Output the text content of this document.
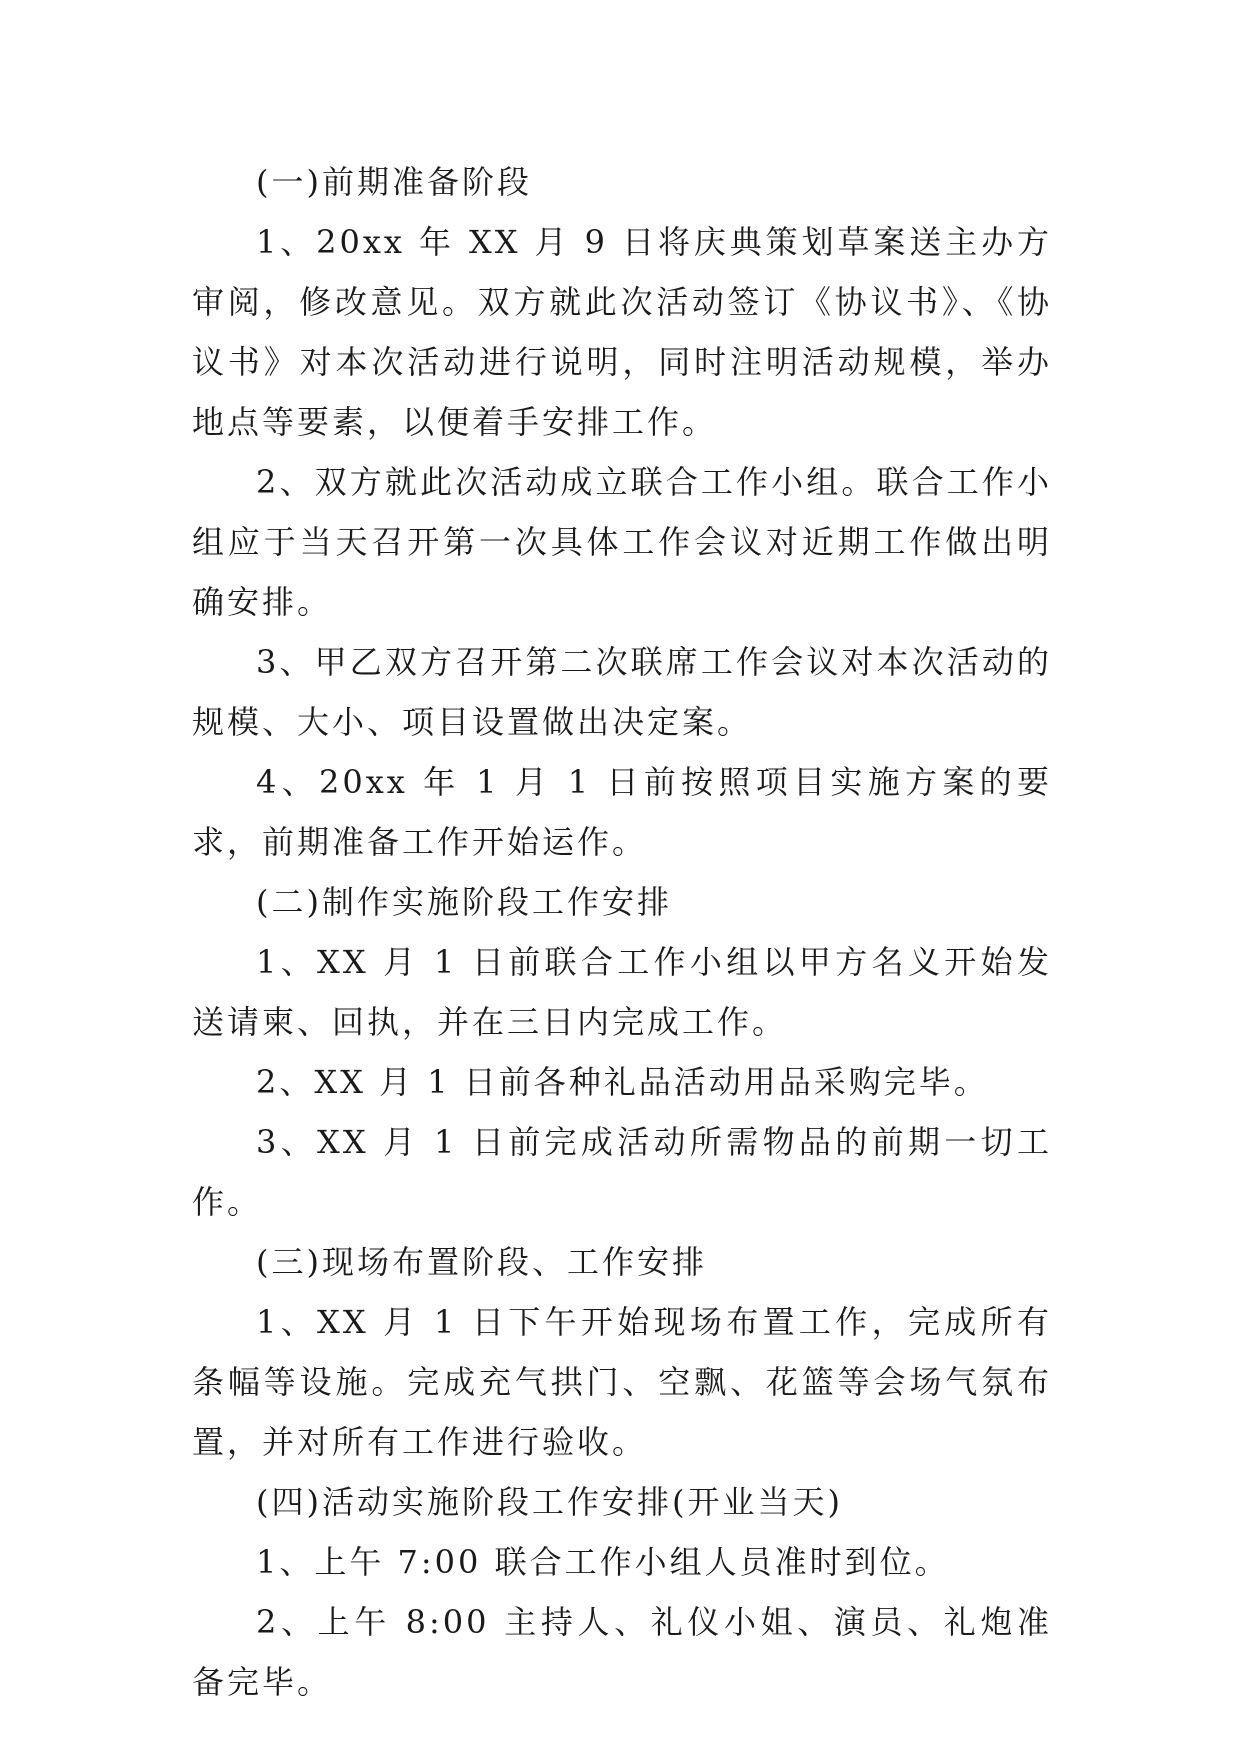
(一)前期准备阶段

1、20xx 年 XX 月 9 日将庆典策划草案送主办方审阅，修改意见。双方就此次活动签订《协议书》、《协议书》对本次活动进行说明，同时注明活动规模，举办地点等要素，以便着手安排工作。

2、双方就此次活动成立联合工作小组。联合工作小组应于当天召开第一次具体工作会议对近期工作做出明确安排。

3、甲乙双方召开第二次联席工作会议对本次活动的规模、大小、项目设置做出决定案。

4、20xx 年 1 月 1 日前按照项目实施方案的要求，前期准备工作开始运作。

(二)制作实施阶段工作安排

1、XX 月 1 日前联合工作小组以甲方名义开始发送请柬、回执，并在三日内完成工作。

2、XX 月 1 日前各种礼品活动用品采购完毕。

3、XX 月 1 日前完成活动所需物品的前期一切工作。

(三)现场布置阶段、工作安排

1、XX 月 1 日下午开始现场布置工作，完成所有条幅等设施。完成充气拱门、空飘、花篮等会场气氛布置，并对所有工作进行验收。

(四)活动实施阶段工作安排(开业当天)

1、上午 7:00 联合工作小组人员准时到位。

2、上午 8:00 主持人、礼仪小姐、演员、礼炮准备完毕。
